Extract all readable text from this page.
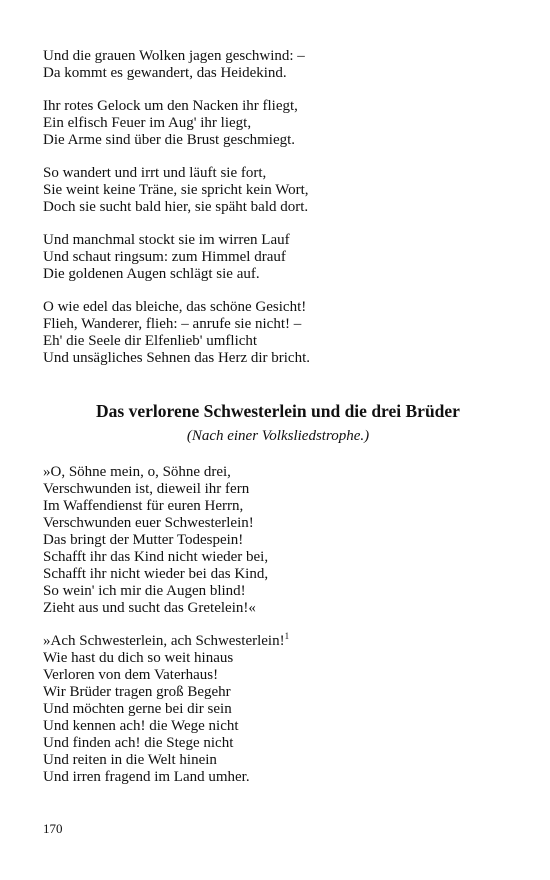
Und die grauen Wolken jagen geschwind: –
Da kommt es gewandert, das Heidekind.
Ihr rotes Gelock um den Nacken ihr fliegt,
Ein elfisch Feuer im Aug' ihr liegt,
Die Arme sind über die Brust geschmiegt.
So wandert und irrt und läuft sie fort,
Sie weint keine Träne, sie spricht kein Wort,
Doch sie sucht bald hier, sie späht bald dort.
Und manchmal stockt sie im wirren Lauf
Und schaut ringsum: zum Himmel drauf
Die goldenen Augen schlägt sie auf.
O wie edel das bleiche, das schöne Gesicht!
Flieh, Wanderer, flieh: – anrufe sie nicht! –
Eh' die Seele dir Elfenlieb' umflicht
Und unsägliches Sehnen das Herz dir bricht.
Das verlorene Schwesterlein und die drei Brüder
(Nach einer Volksliedstrophe.)
»O, Söhne mein, o, Söhne drei,
Verschwunden ist, dieweil ihr fern
Im Waffendienst für euren Herrn,
Verschwunden euer Schwesterlein!
Das bringt der Mutter Todespein!
Schafft ihr das Kind nicht wieder bei,
Schafft ihr nicht wieder bei das Kind,
So wein' ich mir die Augen blind!
Zieht aus und sucht das Gretelein!«
»Ach Schwesterlein, ach Schwesterlein!$^1$
Wie hast du dich so weit hinaus
Verloren von dem Vaterhaus!
Wir Brüder tragen groß Begehr
Und möchten gerne bei dir sein
Und kennen ach! die Wege nicht
Und finden ach! die Stege nicht
Und reiten in die Welt hinein
Und irren fragend im Land umher.
170
